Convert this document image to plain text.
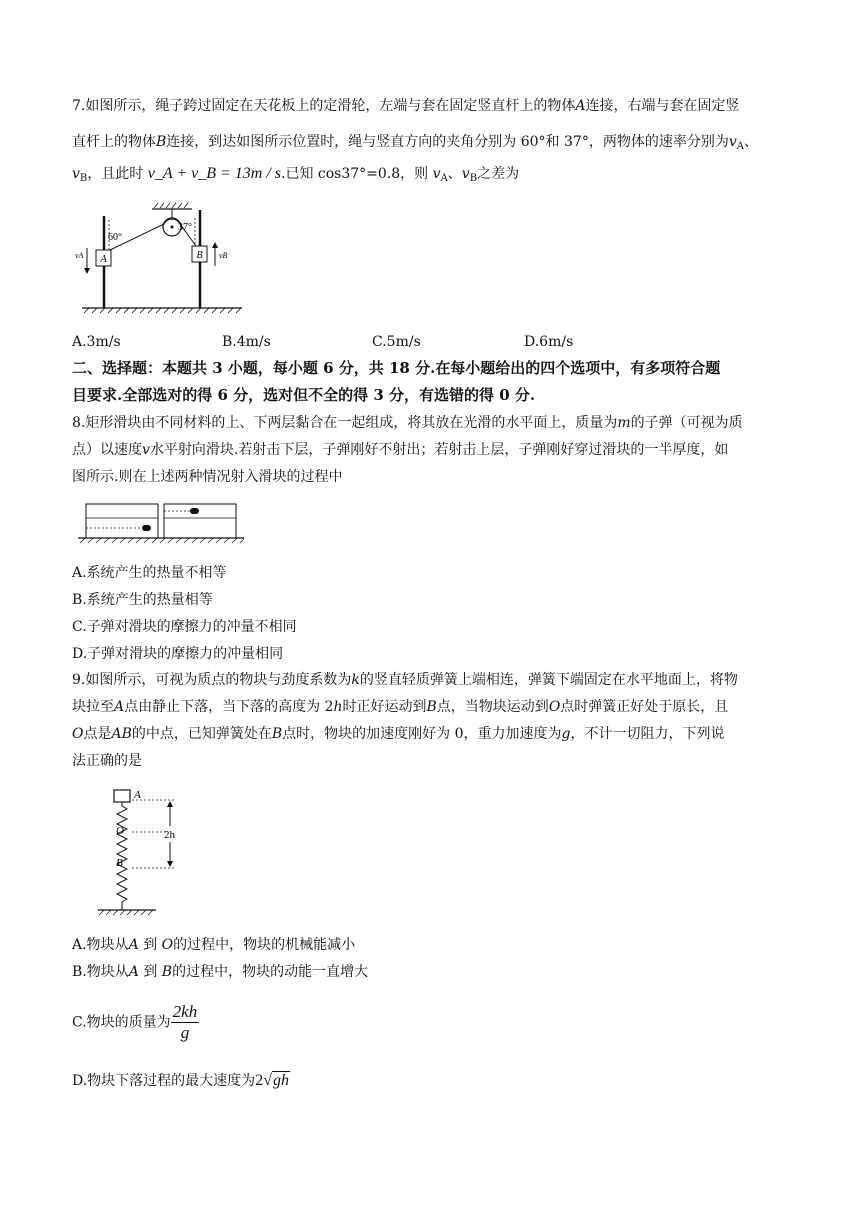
7.如图所示，绳子跨过固定在天花板上的定滑轮，左端与套在固定竖直杆上的物体A连接，右端与套在固定竖

直杆上的物体B连接，到达如图所示位置时，绳与竖直方向的夹角分别为 60°和 37°，两物体的速率分别为$v_A$、

$v_B$，且此时 v_A + v_B = 13m / s.已知 cos37°=0.8，则 $v_A$、$v_B$之差为

A	B
60°
37°
vA	vB
A.3m/s	B.4m/s	C.5m/s	D.6m/s

二、选择题：本题共 3 小题，每小题 6 分，共 18 分.在每小题给出的四个选项中，有多项符合题

目要求.全部选对的得 6 分，选对但不全的得 3 分，有选错的得 0 分.

8.矩形滑块由不同材料的上、下两层黏合在一起组成，将其放在光滑的水平面上，质量为m的子弹（可视为质

点）以速度v水平射向滑块.若射击下层，子弹刚好不射出；若射击上层，子弹刚好穿过滑块的一半厚度，如

图所示.则在上述两种情况射入滑块的过程中

A.系统产生的热量不相等
B.系统产生的热量相等
C.子弹对滑块的摩擦力的冲量不相同
D.子弹对滑块的摩擦力的冲量相同

9.如图所示，可视为质点的物块与劲度系数为k的竖直轻质弹簧上端相连，弹簧下端固定在水平地面上，将物

块拉至A点由静止下落，当下落的高度为 2h时正好运动到B点，当物块运动到O点时弹簧正好处于原长，且

O点是AB的中点，已知弹簧处在B点时，物块的加速度刚好为 0，重力加速度为g，不计一切阻力，下列说

法正确的是

A
O
B
2h
A.物块从A 到 O的过程中，物块的机械能减小
B.物块从A 到 B的过程中，物块的动能一直增大
C.物块的质量为 $\frac{2kh}{g}$
D.物块下落过程的最大速度为2√gh
